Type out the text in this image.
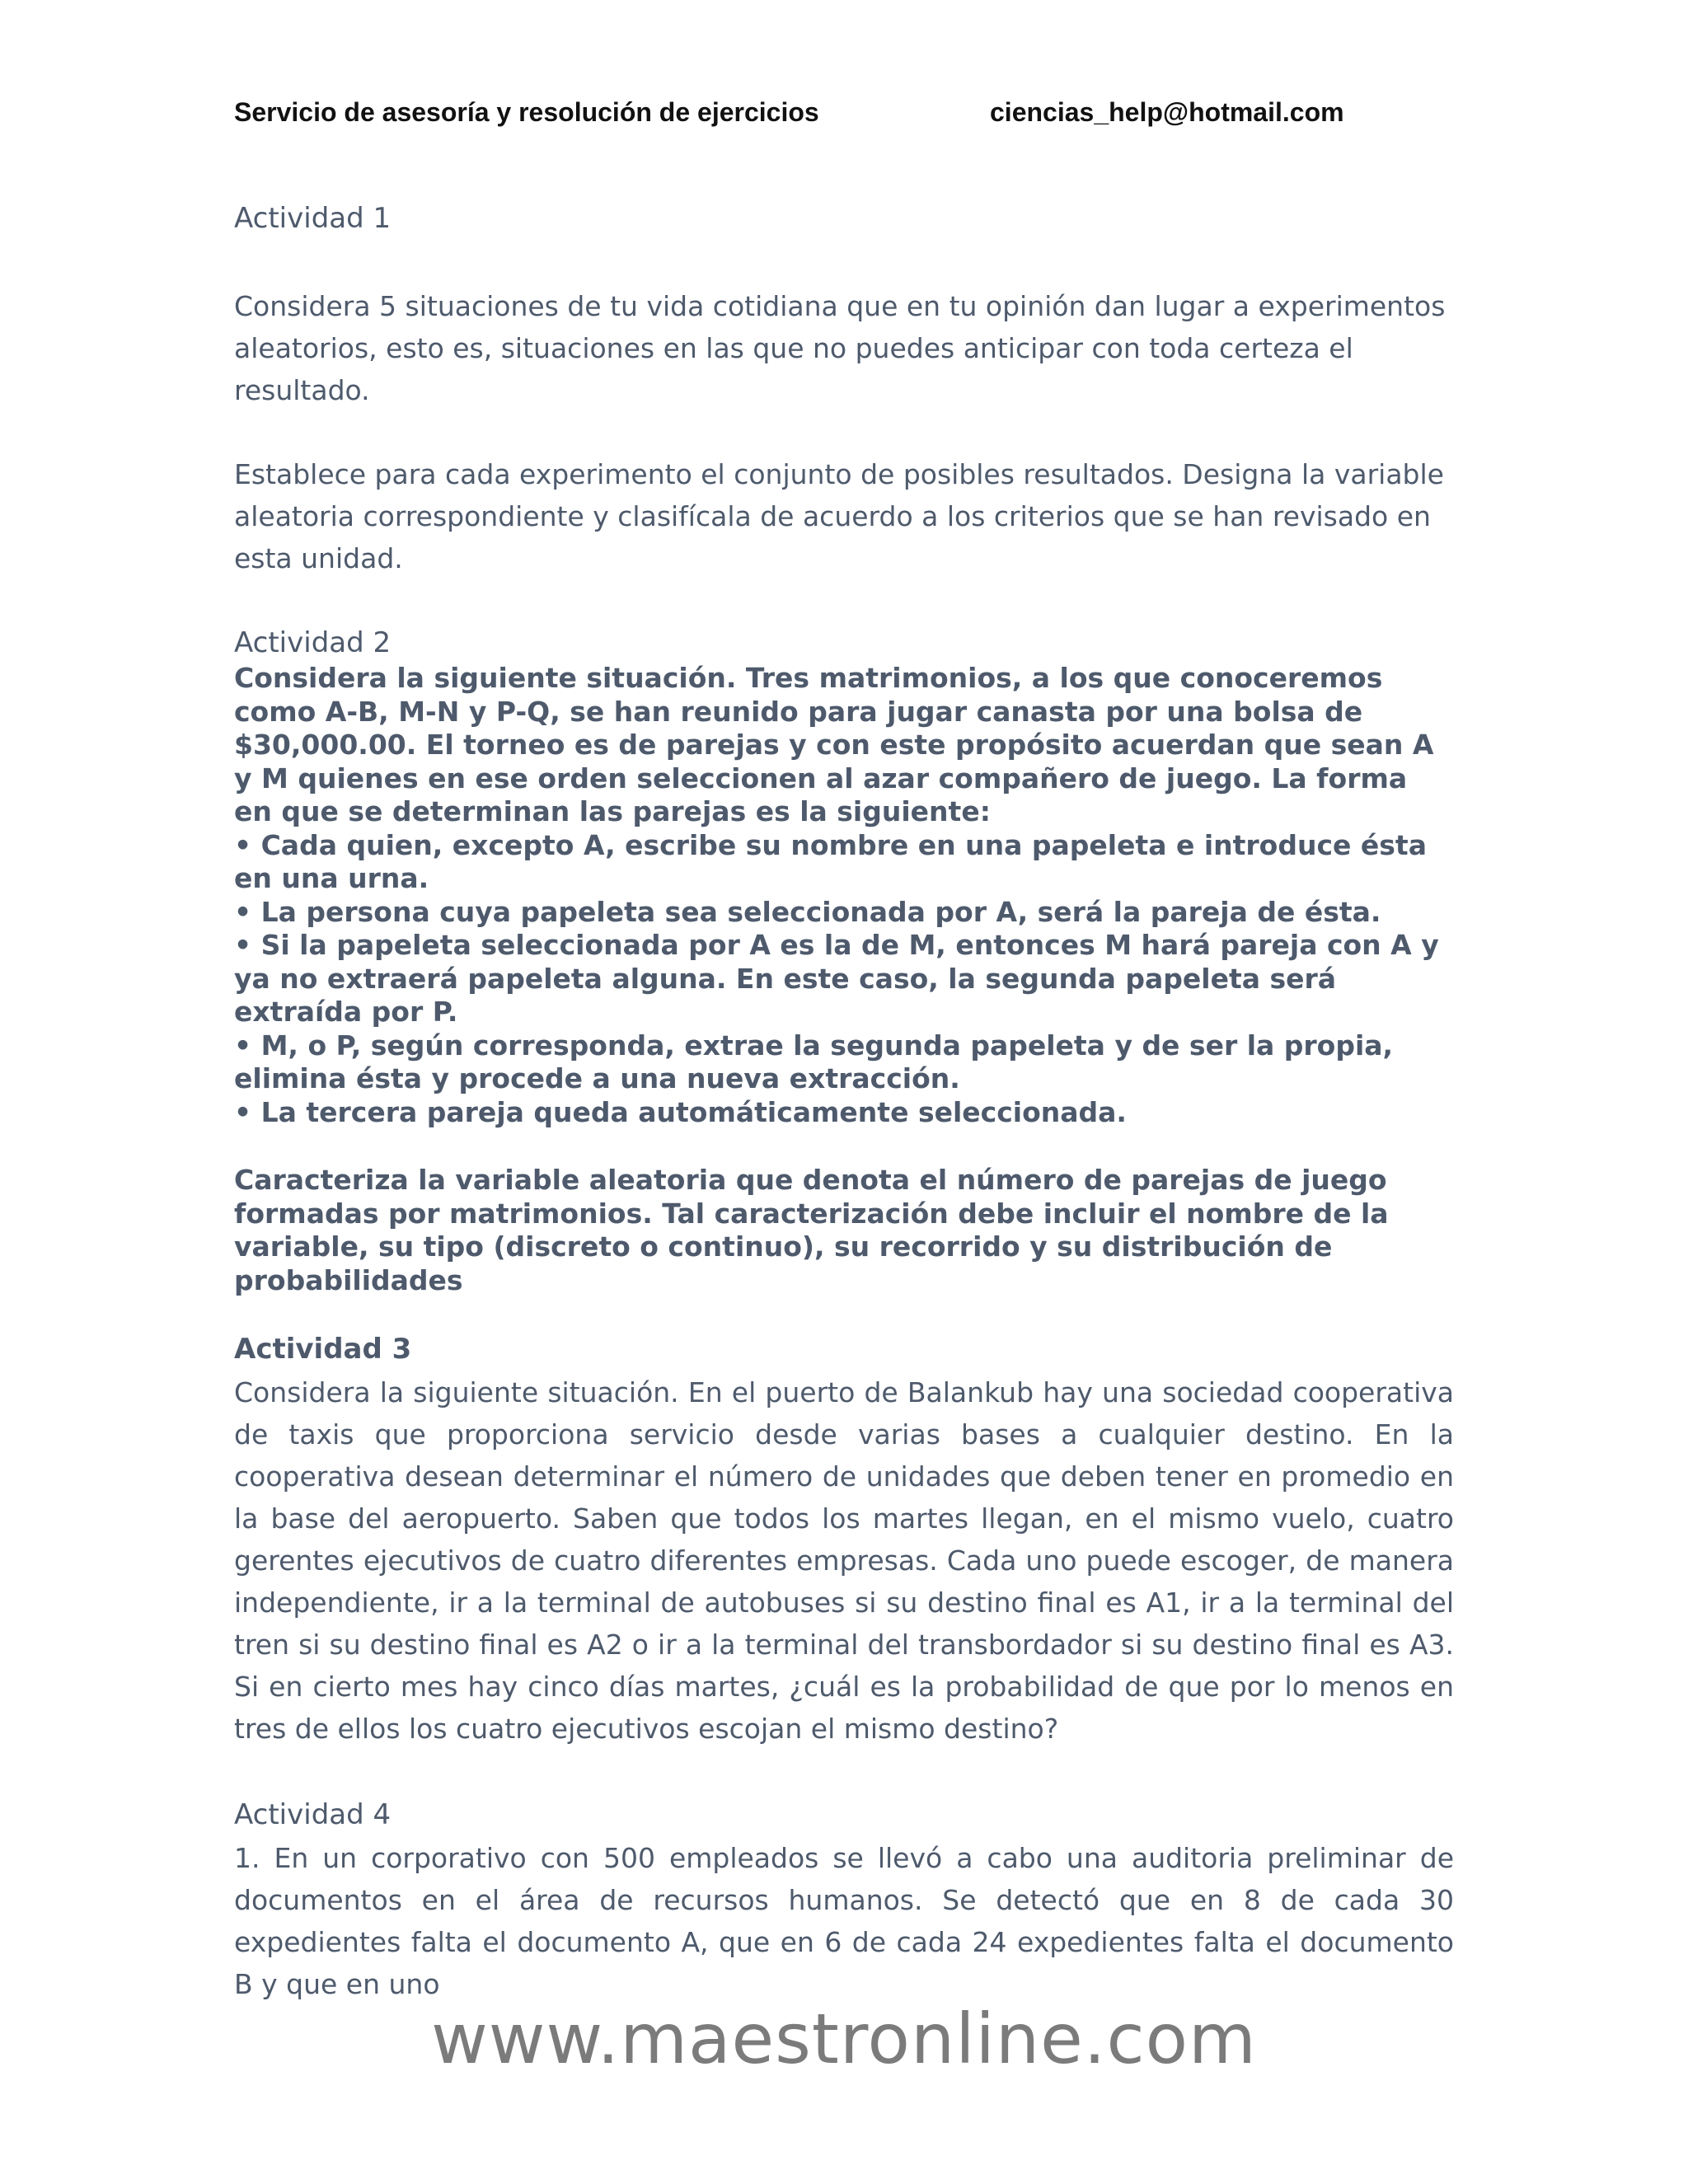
Servicio de asesoría y resolución de ejercicios	ciencias_help@hotmail.com
Actividad 1

Considera 5 situaciones de tu vida cotidiana que en tu opinión dan lugar a experimentos aleatorios, esto es, situaciones en las que no puedes anticipar con toda certeza el resultado.

Establece para cada experimento el conjunto de posibles resultados. Designa la variable aleatoria correspondiente y clasifícala de acuerdo a los criterios que se han revisado en esta unidad.

Actividad 2

Considera la siguiente situación. Tres matrimonios, a los que conoceremos como A-B, M-N y P-Q, se han reunido para jugar canasta por una bolsa de $30,000.00. El torneo es de parejas y con este propósito acuerdan que sean A y M quienes en ese orden seleccionen al azar compañero de juego. La forma en que se determinan las parejas es la siguiente:

• Cada quien, excepto A, escribe su nombre en una papeleta e introduce ésta en una urna.

• La persona cuya papeleta sea seleccionada por A, será la pareja de ésta.

• Si la papeleta seleccionada por A es la de M, entonces M hará pareja con A y ya no extraerá papeleta alguna. En este caso, la segunda papeleta será extraída por P.

• M, o P, según corresponda, extrae la segunda papeleta y de ser la propia, elimina ésta y procede a una nueva extracción.

• La tercera pareja queda automáticamente seleccionada.

Caracteriza la variable aleatoria que denota el número de parejas de juego formadas por matrimonios. Tal caracterización debe incluir el nombre de la variable, su tipo (discreto o continuo), su recorrido y su distribución de probabilidades

Actividad 3

Considera la siguiente situación. En el puerto de Balankub hay una sociedad cooperativa de taxis que proporciona servicio desde varias bases a cualquier destino. En la cooperativa desean determinar el número de unidades que deben tener en promedio en la base del aeropuerto. Saben que todos los martes llegan, en el mismo vuelo, cuatro gerentes ejecutivos de cuatro diferentes empresas. Cada uno puede escoger, de manera independiente, ir a la terminal de autobuses si su destino final es A1, ir a la terminal del tren si su destino final es A2 o ir a la terminal del transbordador si su destino final es A3. Si en cierto mes hay cinco días martes, ¿cuál es la probabilidad de que por lo menos en tres de ellos los cuatro ejecutivos escojan el mismo destino?

Actividad 4

1. En un corporativo con 500 empleados se llevó a cabo una auditoria preliminar de documentos en el área de recursos humanos. Se detectó que en 8 de cada 30 expedientes falta el documento A, que en 6 de cada 24 expedientes falta el documento B y que en uno

www.maestronline.com
